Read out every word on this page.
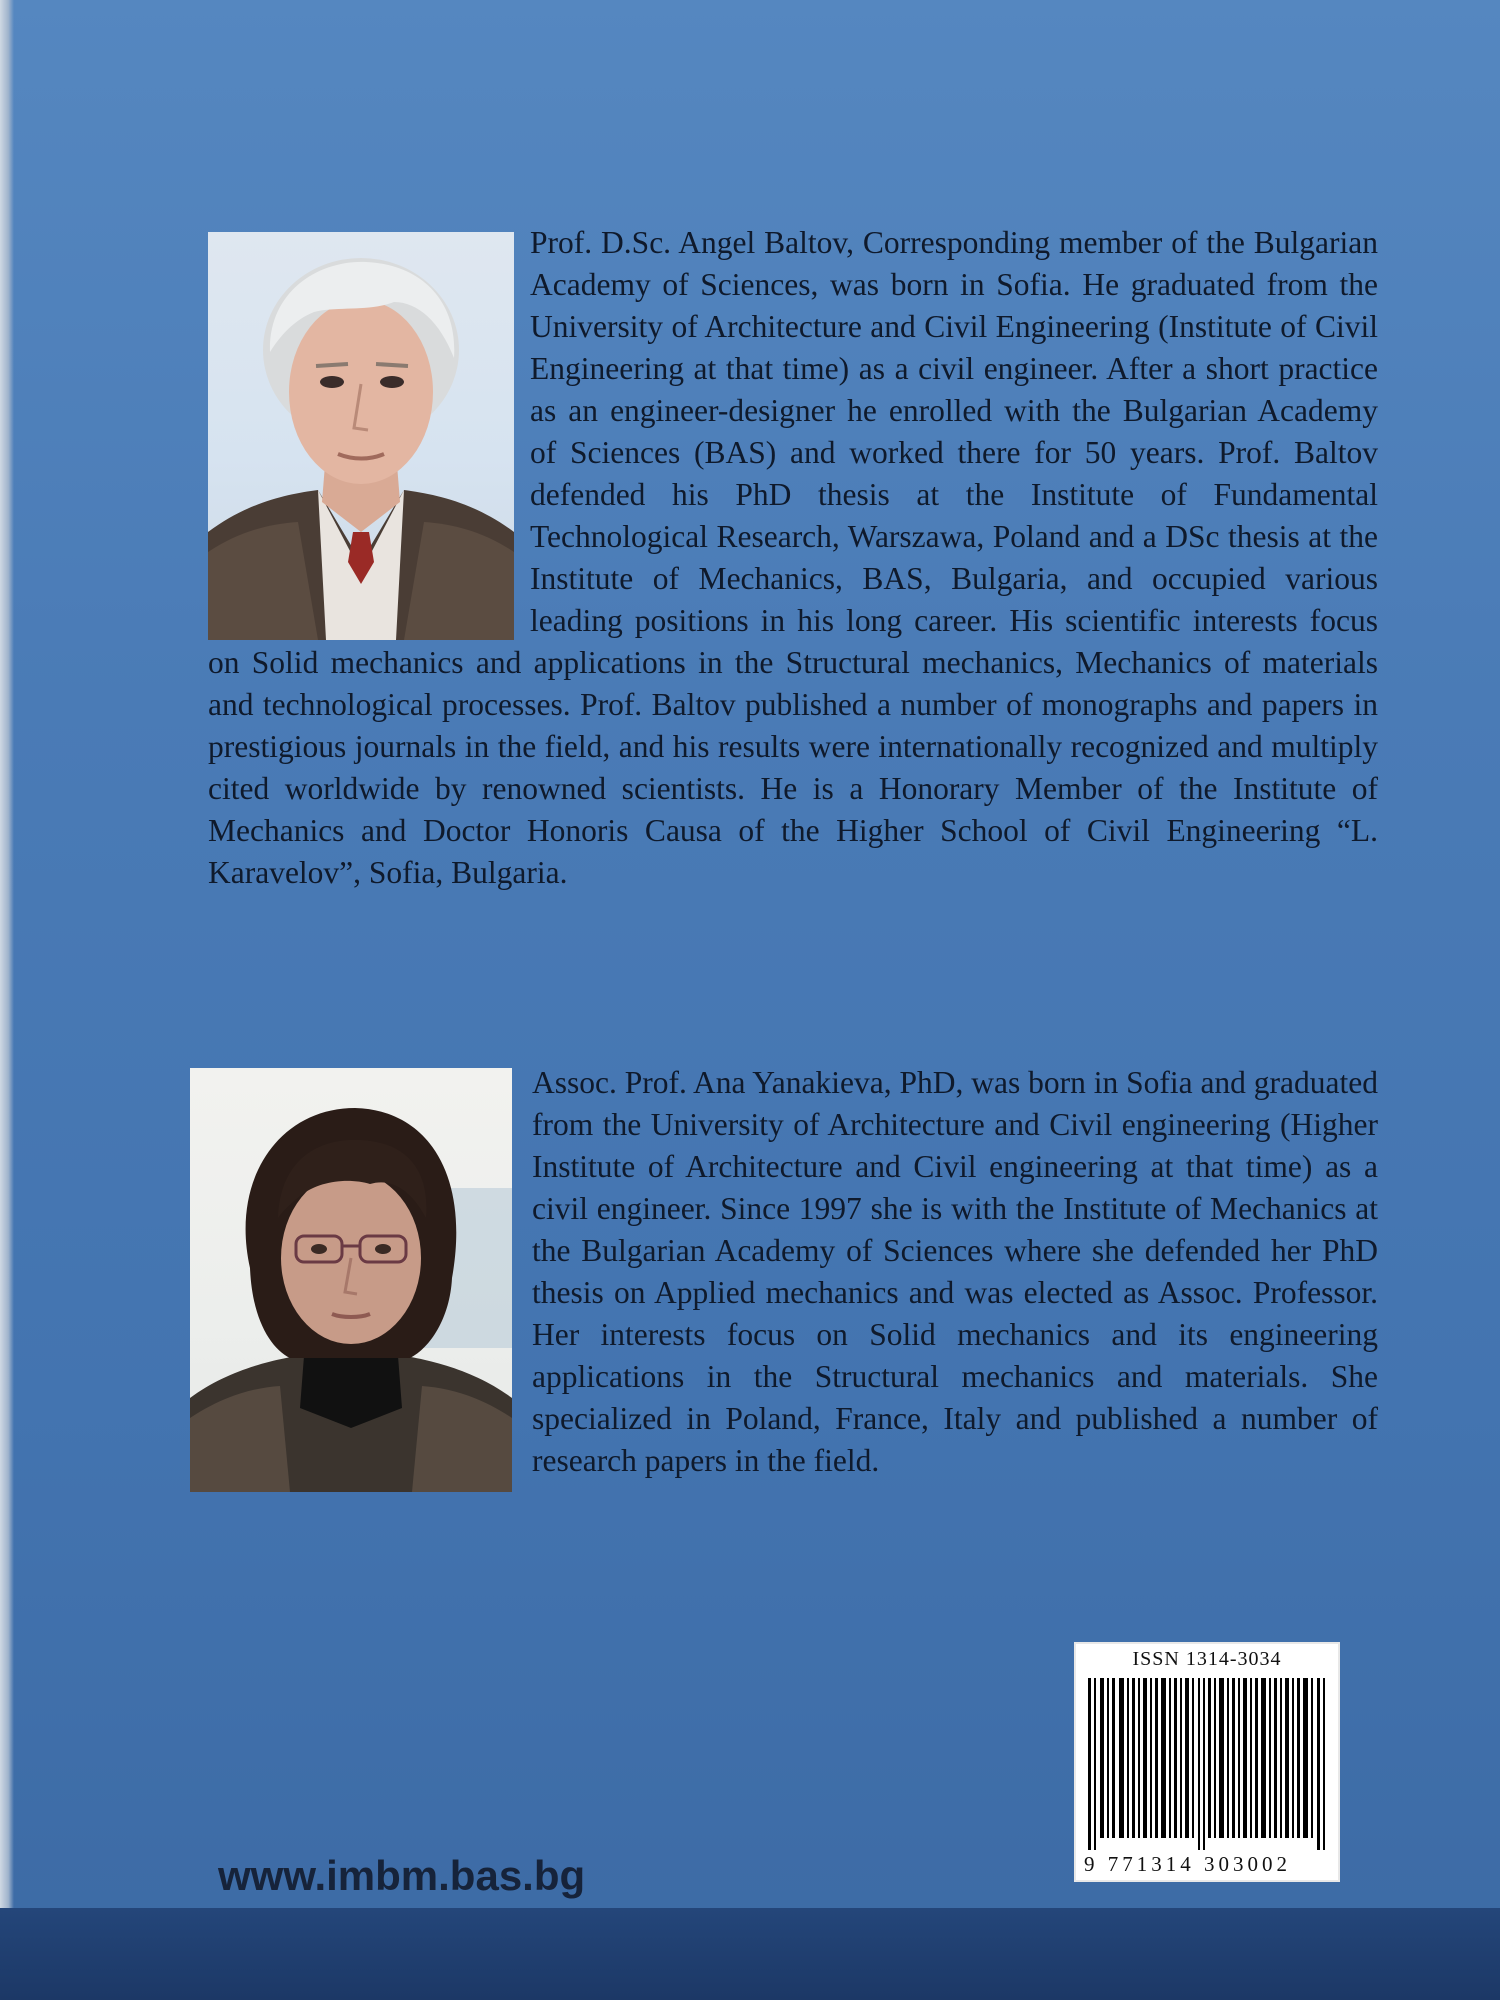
Prof. D.Sc. Angel Baltov, Corresponding member of the Bulgarian Academy of Sciences, was born in Sofia. He graduated from the University of Architecture and Civil Engineering (Institute of Civil Engineering at that time) as a civil engineer. After a short practice as an engineer-designer he enrolled with the Bulgarian Academy of Sciences (BAS) and worked there for 50 years. Prof. Baltov defended his PhD thesis at the Institute of Fundamental Technological Research, Warszawa, Poland and a DSc thesis at the Institute of Mechanics, BAS, Bulgaria, and occupied various leading positions in his long career. His scientific interests focus on Solid mechanics and applications in the Structural mechanics, Mechanics of materials and technological processes. Prof. Baltov published a number of monographs and papers in prestigious journals in the field, and his results were internationally recognized and multiply cited worldwide by renowned scientists. He is a Honorary Member of the Institute of Mechanics and Doctor Honoris Causa of the Higher School of Civil Engineering “L. Karavelov”, Sofia, Bulgaria.

Assoc. Prof. Ana Yanakieva, PhD, was born in Sofia and graduated from the University of Architecture and Civil engineering (Higher Institute of Architecture and Civil engineering at that time) as a civil engineer. Since 1997 she is with the Institute of Mechanics at the Bulgarian Academy of Sciences where she defended her PhD thesis on Applied mechanics and was elected as Assoc. Professor. Her interests focus on Solid mechanics and its engineering applications in the Structural mechanics and materials. She specialized in Poland, France, Italy and published a number of research papers in the field.

ISSN 1314-3034
9 771314 303002

www.imbm.bas.bg
